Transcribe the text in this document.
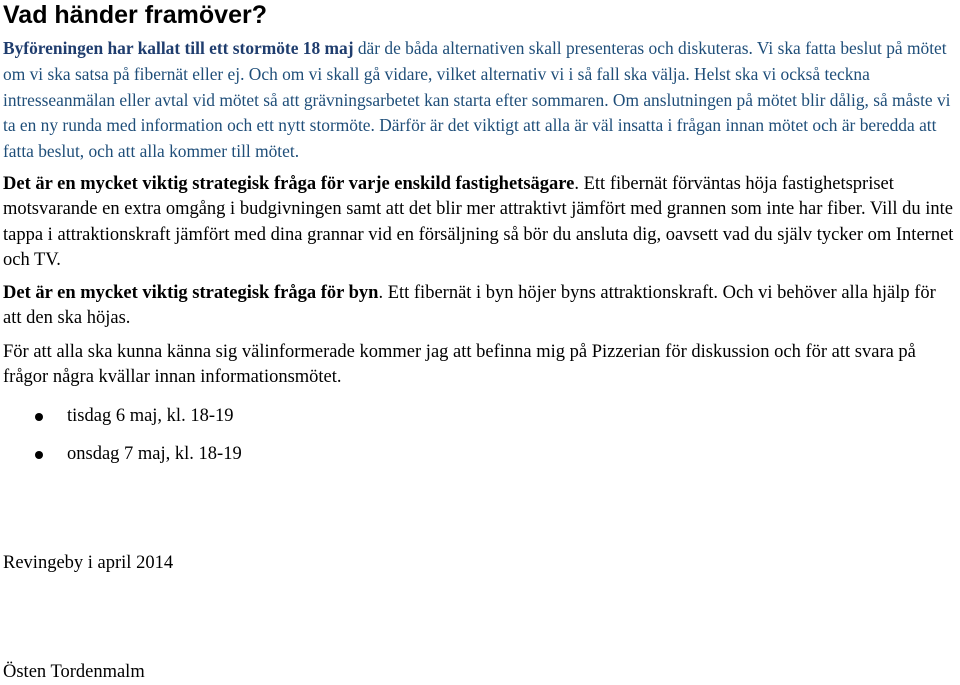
Vad händer framöver?

Byföreningen har kallat till ett stormöte 18 maj där de båda alternativen skall presenteras och diskuteras. Vi ska fatta beslut på mötet om vi ska satsa på fibernät eller ej. Och om vi skall gå vidare, vilket alternativ vi i så fall ska välja. Helst ska vi också teckna intresseanmälan eller avtal vid mötet så att grävningsarbetet kan starta efter sommaren. Om anslutningen på mötet blir dålig, så måste vi ta en ny runda med information och ett nytt stormöte. Därför är det viktigt att alla är väl insatta i frågan innan mötet och är beredda att fatta beslut, och att alla kommer till mötet.

Det är en mycket viktig strategisk fråga för varje enskild fastighetsägare. Ett fibernät förväntas höja fastighetspriset motsvarande en extra omgång i budgivningen samt att det blir mer attraktivt jämfört med grannen som inte har fiber. Vill du inte tappa i attraktionskraft jämfört med dina grannar vid en försäljning så bör du ansluta dig, oavsett vad du själv tycker om Internet och TV.

Det är en mycket viktig strategisk fråga för byn. Ett fibernät i byn höjer byns attraktionskraft. Och vi behöver alla hjälp för att den ska höjas.

För att alla ska kunna känna sig välinformerade kommer jag att befinna mig på Pizzerian för diskussion och för att svara på frågor några kvällar innan informationsmötet.

tisdag 6 maj, kl. 18-19
onsdag 7 maj, kl. 18-19

Revingeby i april 2014

Östen Tordenmalm
